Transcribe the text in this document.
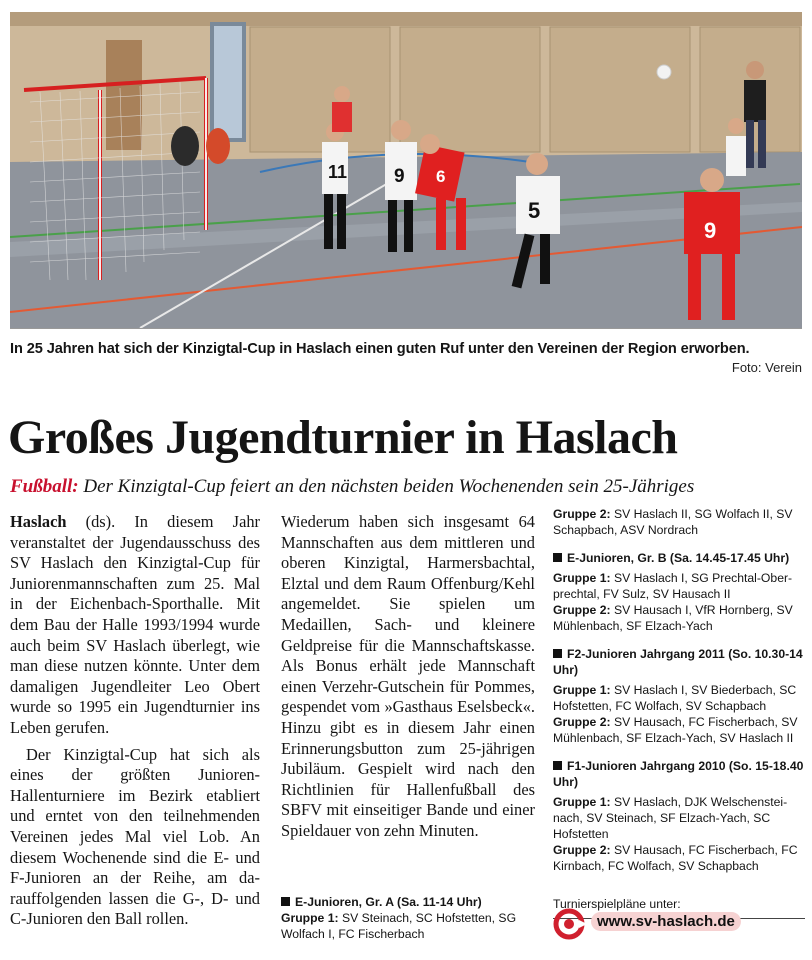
11 9 6
5
9
In 25 Jahren hat sich der Kinzigtal-Cup in Haslach einen guten Ruf unter den Vereinen der Region erworben.
Foto: Verein
Großes Jugendturnier in Haslach
Fußball: Der Kinzigtal-Cup feiert an den nächsten beiden Wochenenden sein 25-Jähriges

Haslach (ds). In diesem Jahr veranstaltet der Jugendausschuss des SV Haslach den Kinzigtal-Cup für Juniorenmannschaften zum 25. Mal in der Eichenbach-Sporthalle. Mit dem Bau der Halle 1993/1994 wurde auch beim SV Haslach überlegt, wie man diese nutzen könnte. Unter dem damaligen Jugendleiter Leo Obert wurde so 1995 ein Jugendturnier ins Leben gerufen.

Der Kinzigtal-Cup hat sich als eines der größten Junioren-Hallenturniere im Bezirk etabliert und erntet von den teilnehmenden Vereinen jedes Mal viel Lob. An diesem Wochenende sind die E- und F-Junioren an der Reihe, am darauffolgenden lassen die G-, D- und C-Junioren den Ball rollen.

Wiederum haben sich insgesamt 64 Mannschaften aus dem mittleren und oberen Kinzigtal, Harmersbachtal, Elztal und dem Raum Offenburg/Kehl angemeldet. Sie spielen um Medaillen, Sach- und kleinere Geldpreise für die Mannschaftskasse. Als Bonus erhält jede Mannschaft einen Verzehr-Gutschein für Pommes, gespendet vom »Gasthaus Eselsbeck«. Hinzu gibt es in diesem Jahr einen Erinnerungsbutton zum 25-jährigen Jubiläum. Gespielt wird nach den Richtlinien für Hallenfußball des SBFV mit einseitiger Bande und einer Spieldauer von zehn Minuten.

E-Junioren, Gr. A (Sa. 11-14 Uhr)
Gruppe 1: SV Steinach, SC Hofstetten, SG Wolfach I, FC Fischerbach
Gruppe 2: SV Haslach II, SG Wolfach II, SV Schapbach, ASV Nordrach
E-Junioren, Gr. B (Sa. 14.45-17.45 Uhr)
Gruppe 1: SV Haslach I, SG Prechtal-Oberprechtal, FV Sulz, SV Hausach II
Gruppe 2: SV Hausach I, VfR Hornberg, SV Mühlenbach, SF Elzach-Yach
F2-Junioren Jahrgang 2011 (So. 10.30-14 Uhr)
Gruppe 1: SV Haslach I, SV Biederbach, SC Hofstetten, FC Wolfach, SV Schapbach
Gruppe 2: SV Hausach, FC Fischerbach, SV Mühlenbach, SF Elzach-Yach, SV Haslach II
F1-Junioren Jahrgang 2010 (So. 15-18.40 Uhr)
Gruppe 1: SV Haslach, DJK Welschensteinach, SV Steinach, SF Elzach-Yach, SC Hofstetten
Gruppe 2: SV Hausach, FC Fischerbach, FC Kirnbach, FC Wolfach, SV Schapbach
Turnierspielpläne unter:
www.sv-haslach.de
